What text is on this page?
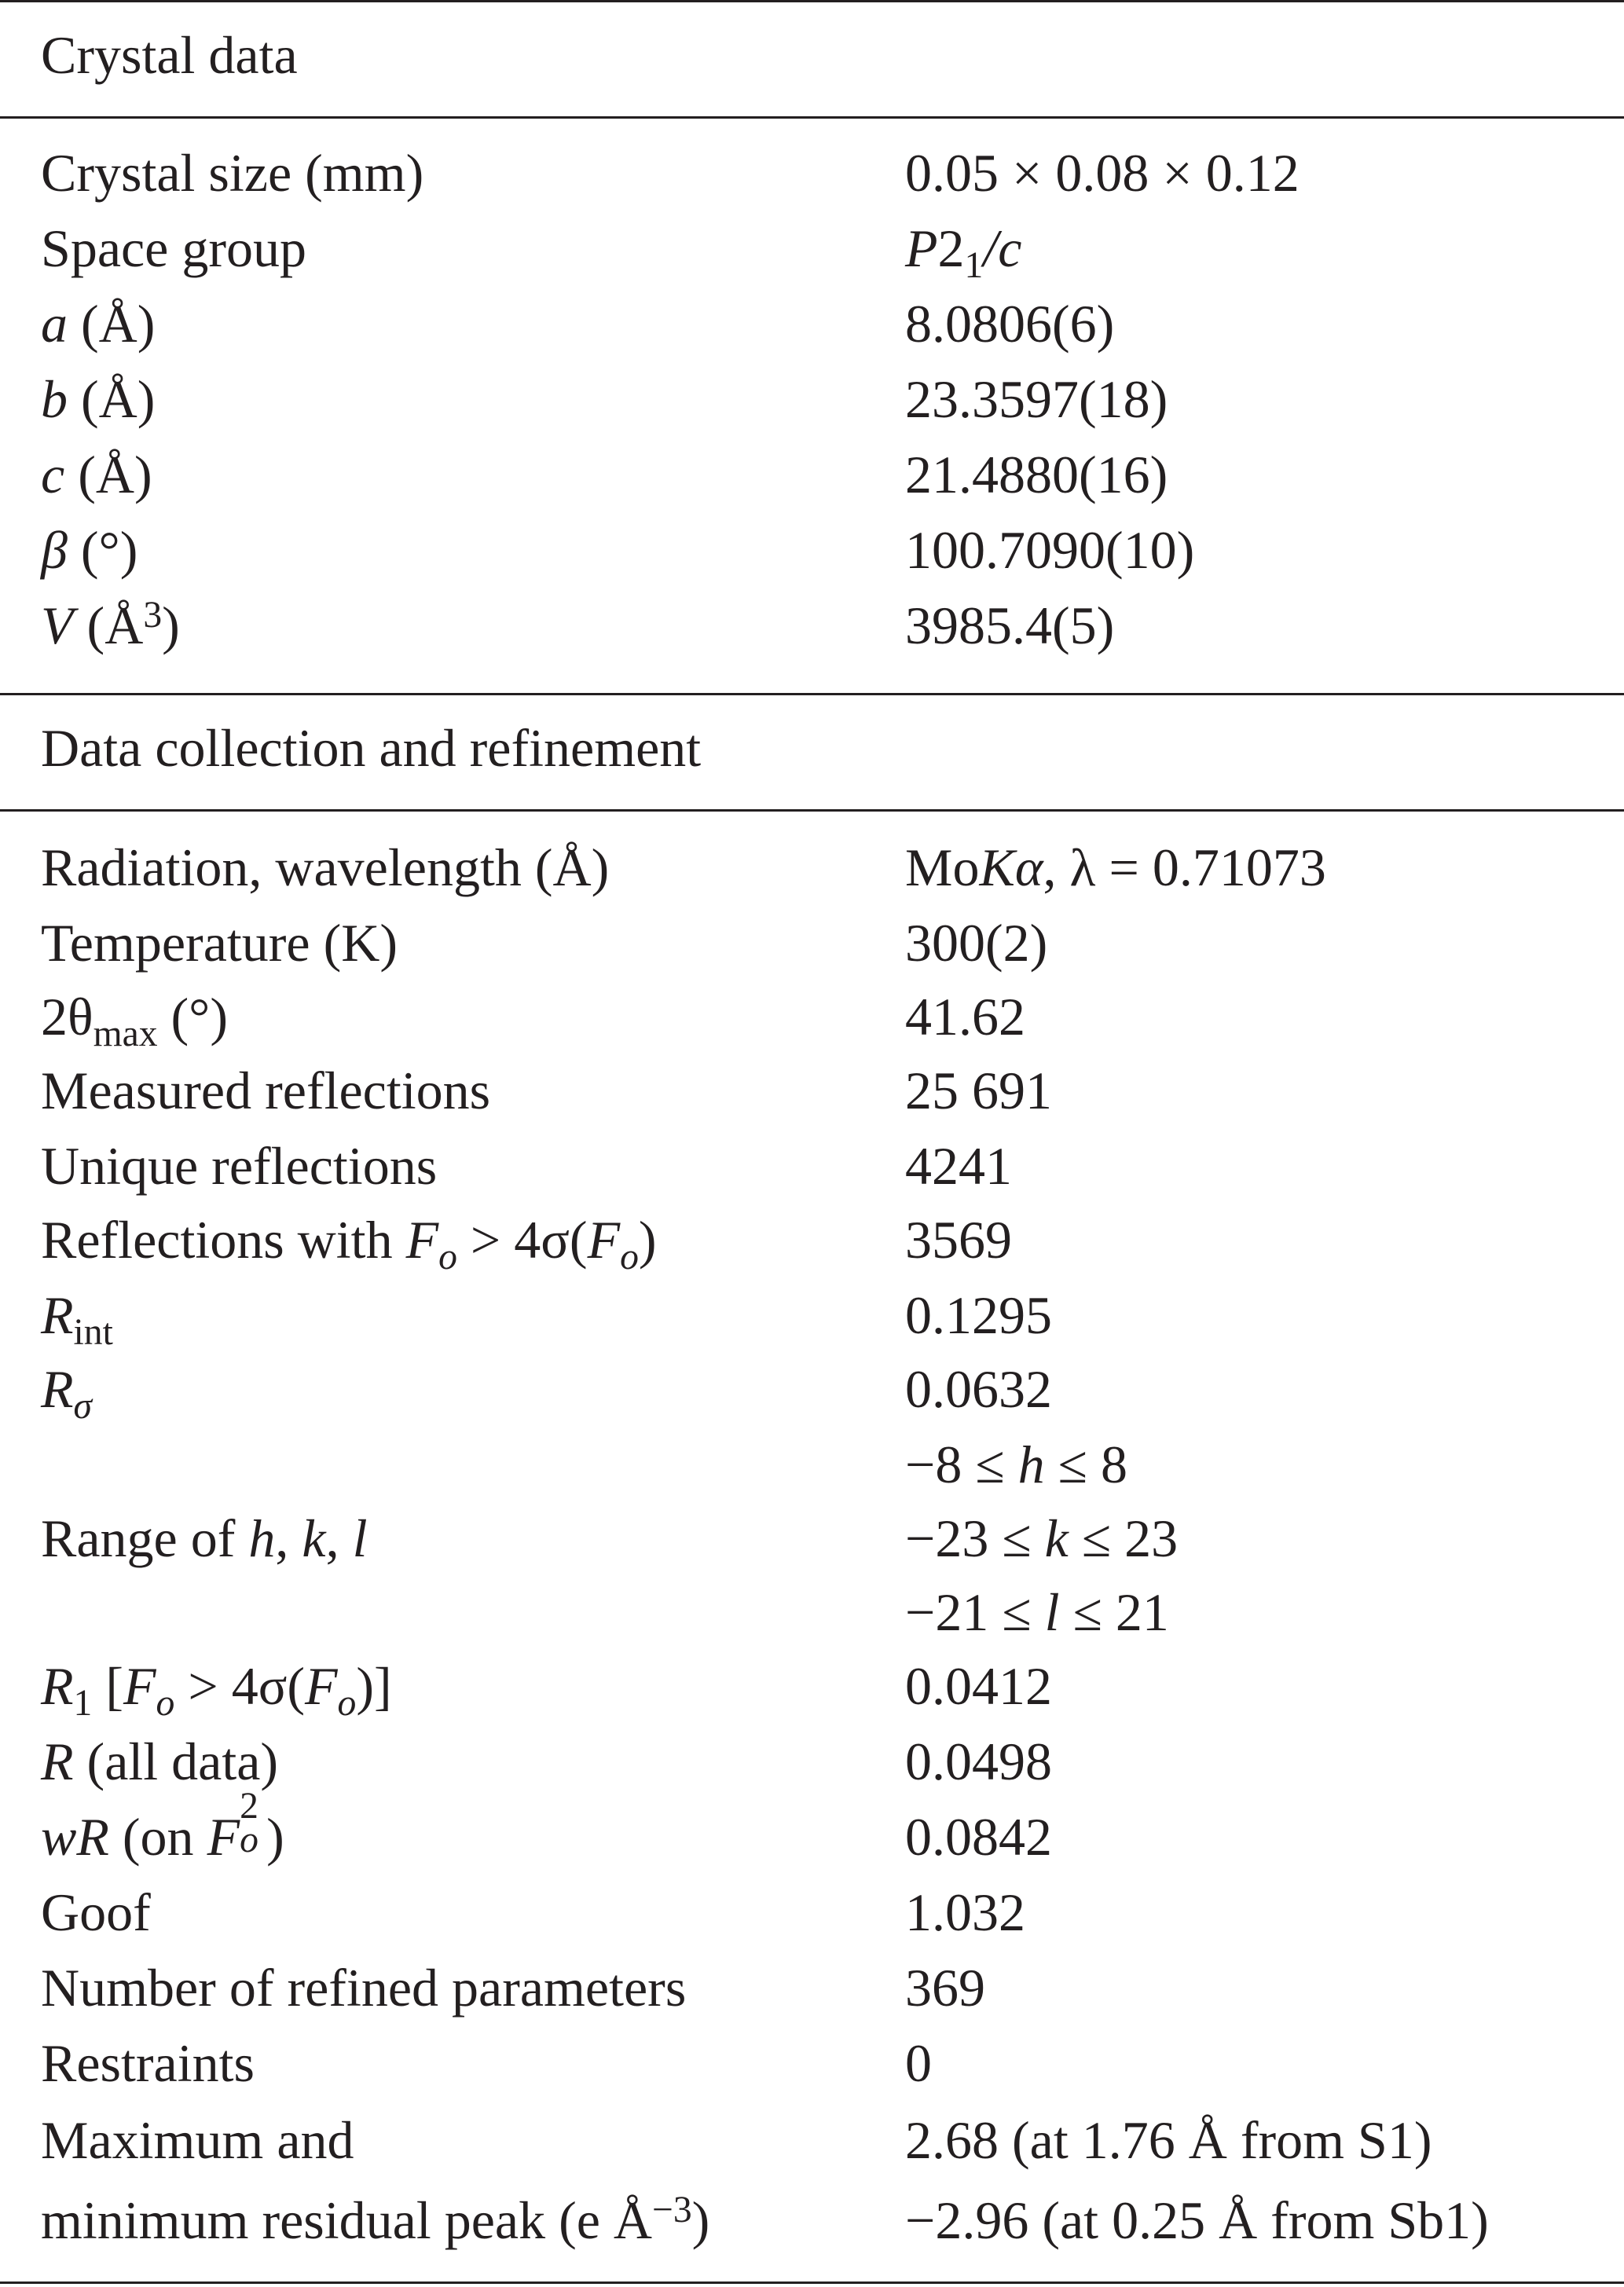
Crystal data
Crystal size (mm)	0.05 × 0.08 × 0.12
Space group	$P2_1/c$
a (Å)	8.0806(6)
b (Å)	23.3597(18)
c (Å)	21.4880(16)
β (°)	100.7090(10)
V $(Å^3)$	3985.4(5)
Data collection and refinement
Radiation, wavelength (Å)	MoKα, λ = 0.71073
Temperature (K)	300(2)
$2\theta_{max}$ (°)	41.62
Measured reflections	25 691
Unique reflections	4241
Reflections with $F_o > 4\sigma(F_o)$	3569
$R_{int}$	0.1295
$R_\sigma$	0.0632
−8 ≤ h ≤ 8
Range of h, k, l	−23 ≤ k ≤ 23
−21 ≤ l ≤ 21
$R_1$ $[F_o > 4\sigma(F_o)]$	0.0412
R (all data)	0.0498
wR (on F
2
o )	0.0842
Goof	1.032
Number of refined parameters	369
Restraints	0
Maximum and	2.68 (at 1.76 Å from S1)
minimum residual peak (e $Å^{-3}$)	−2.96 (at 0.25 Å from Sb1)
